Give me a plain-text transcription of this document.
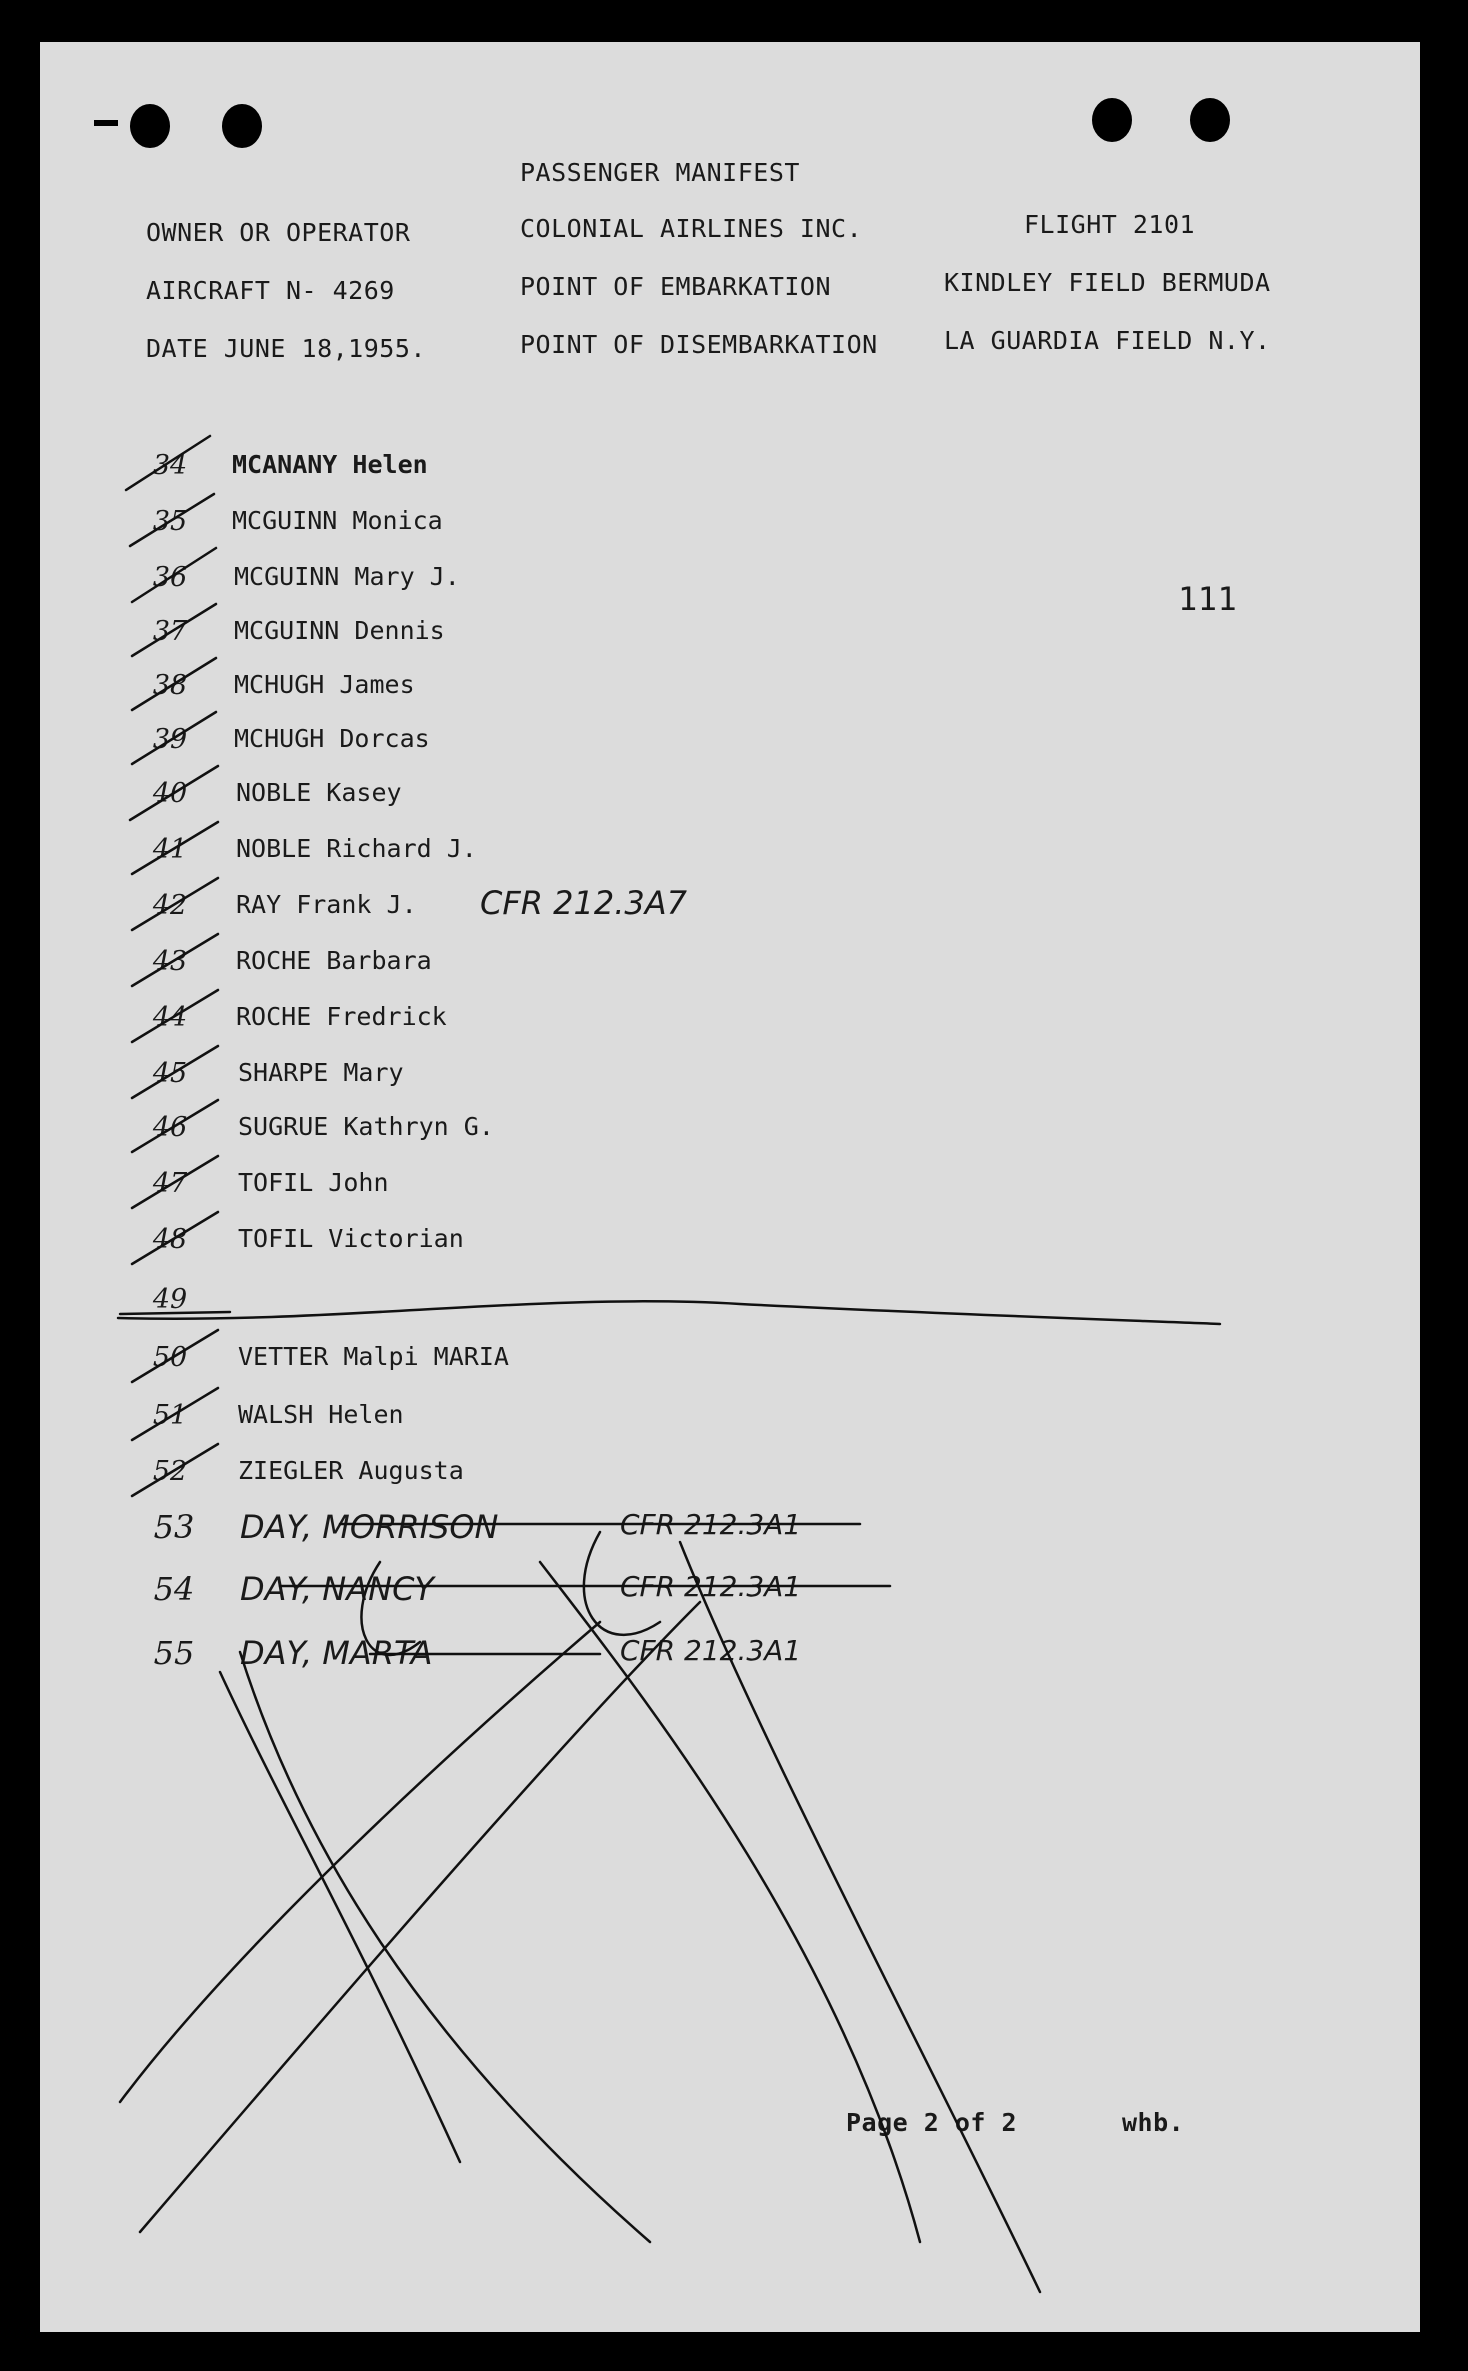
PASSENGER MANIFEST
OWNER OR OPERATOR	COLONIAL AIRLINES INC.	FLIGHT 2101
AIRCRAFT N- 4269	POINT OF EMBARKATION	KINDLEY FIELD BERMUDA
DATE JUNE 18,1955.	POINT OF DISEMBARKATION	LA GUARDIA FIELD N.Y.
111
34	MCANANY Helen
35	MCGUINN Monica
36	MCGUINN Mary J.
37	MCGUINN Dennis
38	MCHUGH James
39	MCHUGH Dorcas
40	NOBLE Kasey
41	NOBLE Richard J.
42	RAY Frank J. CFR 212.3A7
43	ROCHE Barbara
44	ROCHE Fredrick
45	SHARPE Mary
46	SUGRUE Kathryn G.
47	TOFIL John
48	TOFIL Victorian
49
50	VETTER Malpi MARIA
51	WALSH Helen
52	ZIEGLER Augusta
53	DAY, MORRISON	CFR 212.3A1
54	DAY, NANCY	CFR 212.3A1
55	DAY, MARTA	CFR 212.3A1
Page 2 of 2	whb.
